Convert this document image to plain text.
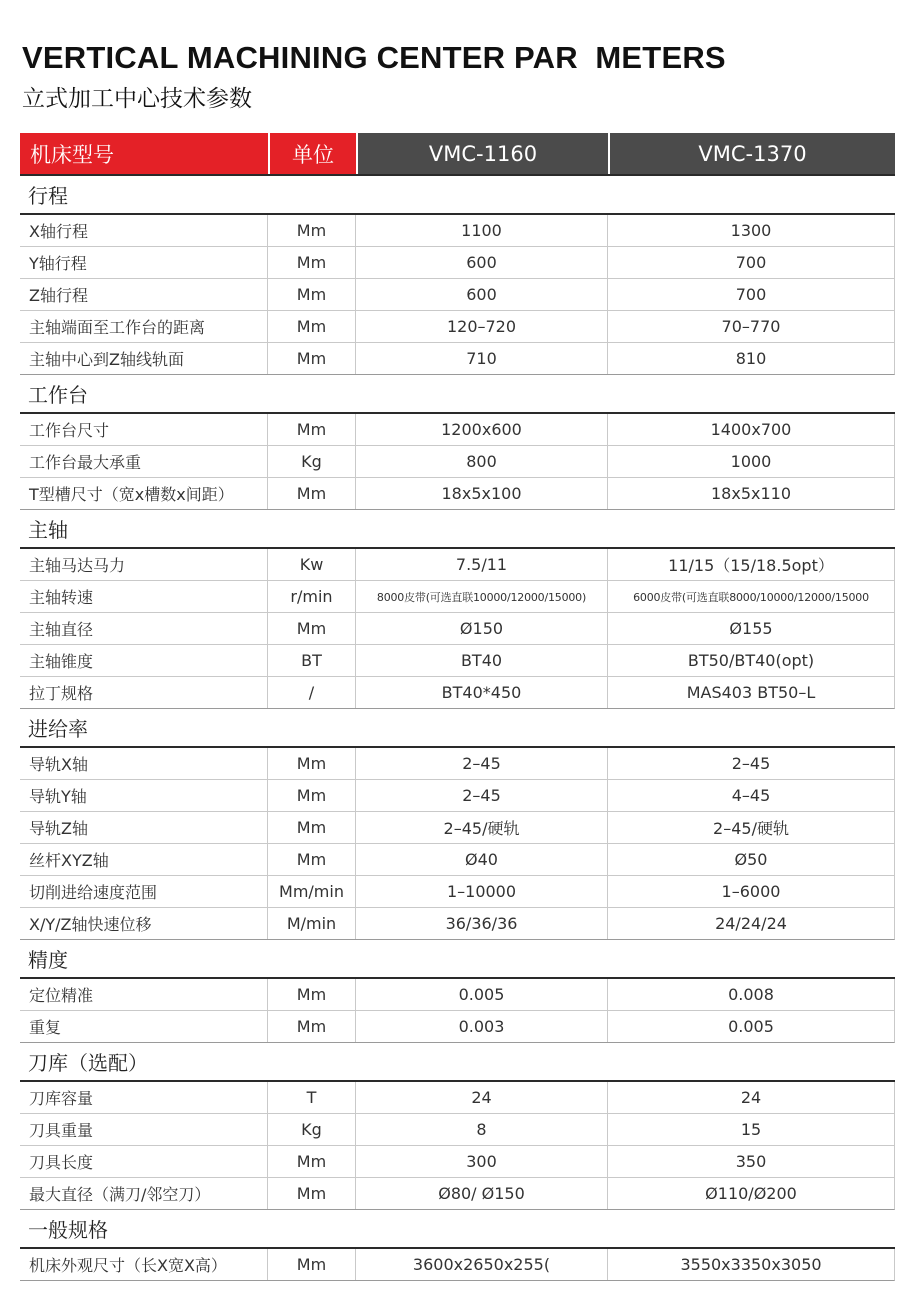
VERTICAL MACHINING CENTER PAR  METERS
立式加工中心技术参数
机床型号	单位	VMC-1160	VMC-1370
行程
X轴行程	Mm	1100	1300
Y轴行程	Mm	600	700
Z轴行程	Mm	600	700
主轴端面至工作台的距离	Mm	120–720	70–770
主轴中心到Z轴线轨面	Mm	710	810
工作台
工作台尺寸	Mm	1200x600	1400x700
工作台最大承重	Kg	800	1000
T型槽尺寸（宽x槽数x间距）	Mm	18x5x100	18x5x110
主轴
主轴马达马力	Kw	7.5/11	11/15（15/18.5opt）
主轴转速	r/min	8000皮带(可选直联10000/12000/15000)	6000皮带(可选直联8000/10000/12000/15000
主轴直径	Mm	Ø150	Ø155
主轴锥度	BT	BT40	BT50/BT40(opt)
拉丁规格	/	BT40*450	MAS403 BT50–L
进给率
导轨X轴	Mm	2–45	2–45
导轨Y轴	Mm	2–45	4–45
导轨Z轴	Mm	2–45/硬轨	2–45/硬轨
丝杆XYZ轴	Mm	Ø40	Ø50
切削进给速度范围	Mm/min	1–10000	1–6000
X/Y/Z轴快速位移	M/min	36/36/36	24/24/24
精度
定位精准	Mm	0.005	0.008
重复	Mm	0.003	0.005
刀库（选配）
刀库容量	T	24	24
刀具重量	Kg	8	15
刀具长度	Mm	300	350
最大直径（满刀/邻空刀）	Mm	Ø80/ Ø150	Ø110/Ø200
一般规格
机床外观尺寸（长X宽X高）	Mm	3600x2650x255(	3550x3350x3050
